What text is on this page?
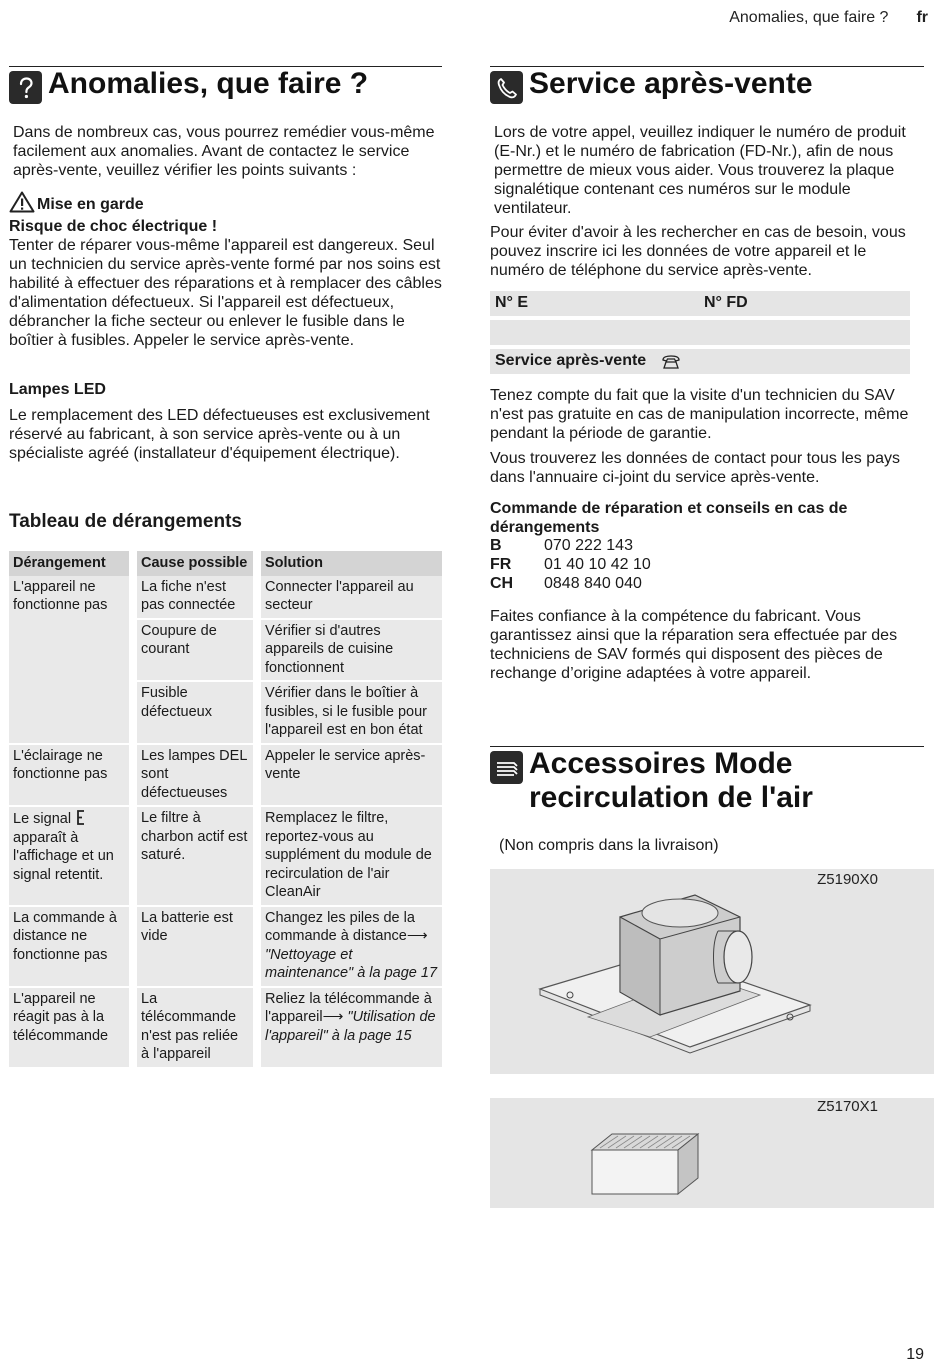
Anomalies, que faire ? fr
Anomalies, que faire ?

Dans de nombreux cas, vous pourrez remédier vous-même facilement aux anomalies. Avant de contactez le service après-vente, veuillez vérifier les points suivants :

Mise en garde

Risque de choc électrique !

Tenter de réparer vous-même l'appareil est dangereux. Seul un technicien du service après-vente formé par nos soins est habilité à effectuer des réparations et à remplacer des câbles d'alimentation défectueux. Si l'appareil est défectueux, débrancher la fiche secteur ou enlever le fusible dans le boîtier à fusibles. Appeler le service après-vente.

Lampes LED

Le remplacement des LED défectueuses est exclusivement réservé au fabricant, à son service après-vente ou à un spécialiste agréé (installateur d'équipement électrique).

Tableau de dérangements
Dérangement	Cause possible	Solution
L'appareil ne fonctionne pas	La fiche n'est pas connectée	Connecter l'appareil au secteur
	Coupure de courant	Vérifier si d'autres appareils de cuisine fonctionnent
	Fusible défectueux	Vérifier dans le boîtier à fusibles, si le fusible pour l'appareil est en bon état
L'éclairage ne fonctionne pas	Les lampes DEL sont défectueuses	Appeler le service après-vente
Le signal  apparaît à l'affichage et un signal retentit.	Le filtre à charbon actif est saturé.	Remplacez le filtre, reportez-vous au supplément du module de recirculation de l'air CleanAir
La commande à distance ne fonctionne pas	La batterie est vide	Changez les piles de la commande à distance⟶ "Nettoyage et maintenance" à la page 17
L'appareil ne réagit pas à la télécommande	La télécommande n'est pas reliée à l'appareil	Reliez la télécommande à l'appareil⟶ "Utilisation de l'appareil" à la page 15
Service après-vente

Lors de votre appel, veuillez indiquer le numéro de produit (E-Nr.) et le numéro de fabrication (FD-Nr.), afin de nous permettre de mieux vous aider. Vous trouverez la plaque signalétique contenant ces numéros sur le module ventilateur.

Pour éviter d'avoir à les rechercher en cas de besoin, vous pouvez inscrire ici les données de votre appareil et le numéro de téléphone du service après-vente.

N° E	N° FD
Service après-vente

Tenez compte du fait que la visite d'un technicien du SAV n'est pas gratuite en cas de manipulation incorrecte, même pendant la période de garantie.

Vous trouverez les données de contact pour tous les pays dans l'annuaire ci-joint du service après-vente.

Commande de réparation et conseils en cas de dérangements

B	070 222 143
FR 01 40 10 42 10
CH 0848 840 040

Faites confiance à la compétence du fabricant. Vous garantissez ainsi que la réparation sera effectuée par des techniciens de SAV formés qui disposent des pièces de rechange d’origine adaptées à votre appareil.

Accessoires Mode
recirculation de l'air

(Non compris dans la livraison)

Z5190X0
Z5170X1
19
